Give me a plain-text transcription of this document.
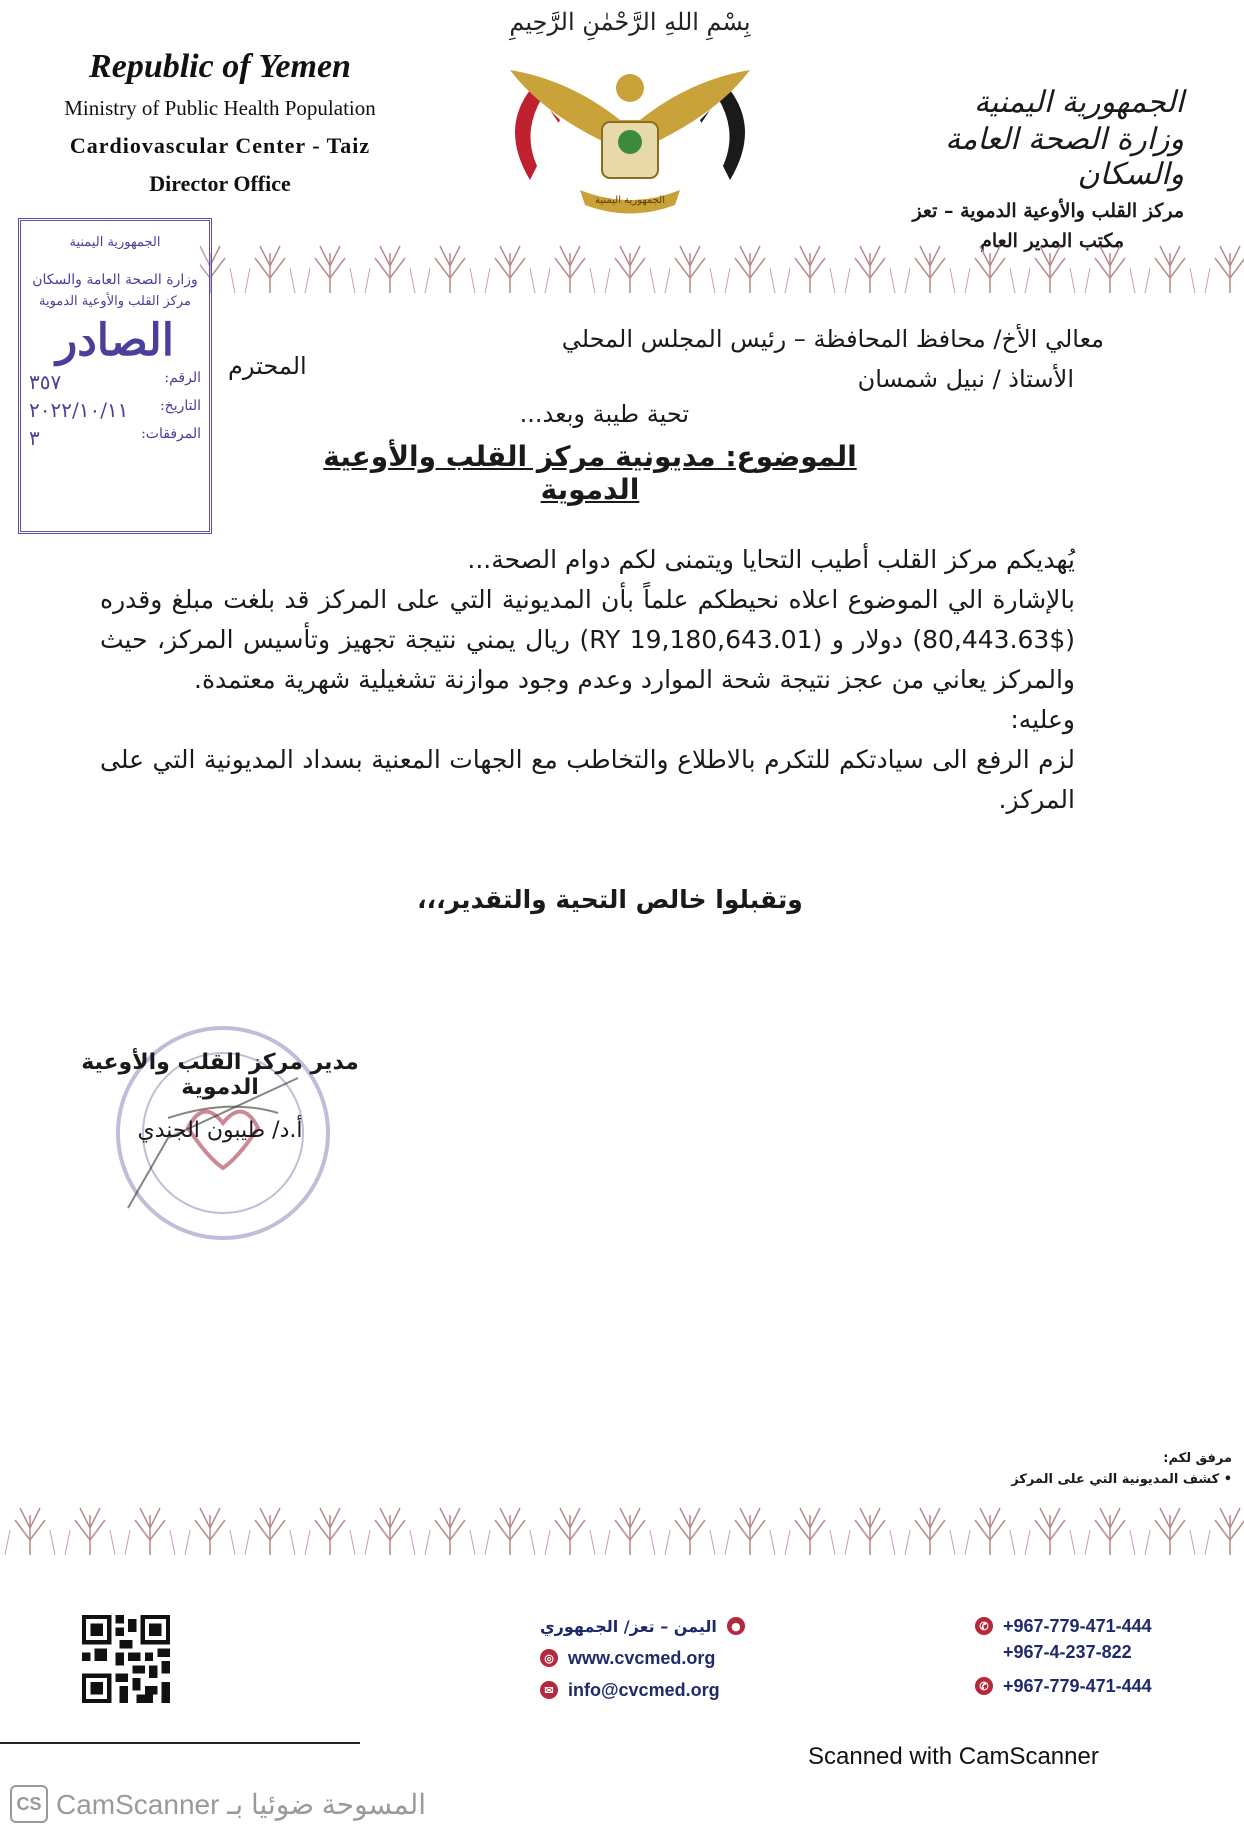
Republic of Yemen
Ministry of Public Health Population
Cardiovascular Center - Taiz
Director Office
بِسْمِ اللهِ الرَّحْمٰنِ الرَّحِيمِ
الجمهورية اليمنية
الجمهورية اليمنية
وزارة الصحة العامة والسكان
مركز القلب والأوعية الدموية – تعز
الجمهورية اليمنية
وزارة الصحة العامة والسكان
مركز القلب والأوعية الدموية
الصادر
الرقم:
٣٥٧
التاريخ:
٢٠٢٢/١٠/١١
المرفقات:
٣
معالي الأخ/ محافظ المحافظة – رئيس المجلس المحلي
الأستاذ / نبيل شمسان
المحترم
تحية طيبة وبعد...
الموضوع: مديونية مركز القلب والأوعية الدموية

يُهديكم مركز القلب أطيب التحايا ويتمنى لكم دوام الصحة...

بالإشارة الي الموضوع اعلاه نحيطكم علماً بأن المديونية التي على المركز قد بلغت مبلغ وقدره ($80,443.63) دولار و (RY 19,180,643.01) ريال يمني نتيجة تجهيز وتأسيس المركز، حيث والمركز يعاني من عجز نتيجة شحة الموارد وعدم وجود موازنة تشغيلية شهرية معتمدة.

وعليه:

لزم الرفع الى سيادتكم للتكرم بالاطلاع والتخاطب مع الجهات المعنية بسداد المديونية التي على المركز.

وتقبلوا خالص التحية والتقدير،،،
مدير مركز القلب والأوعية الدموية
أ.د/ طيبون الجندي
مرفق لكم:
• كشف المديونية التي على المركز
●
اليمن – تعز/ الجمهوري
◎ www.cvcmed.org
✉ info@cvcmed.org
✆ +967-779-471-444
+967-4-237-822
✆ +967-779-471-444
Scanned with CamScanner
CS المسوحة ضوئيا بـ CamScanner
